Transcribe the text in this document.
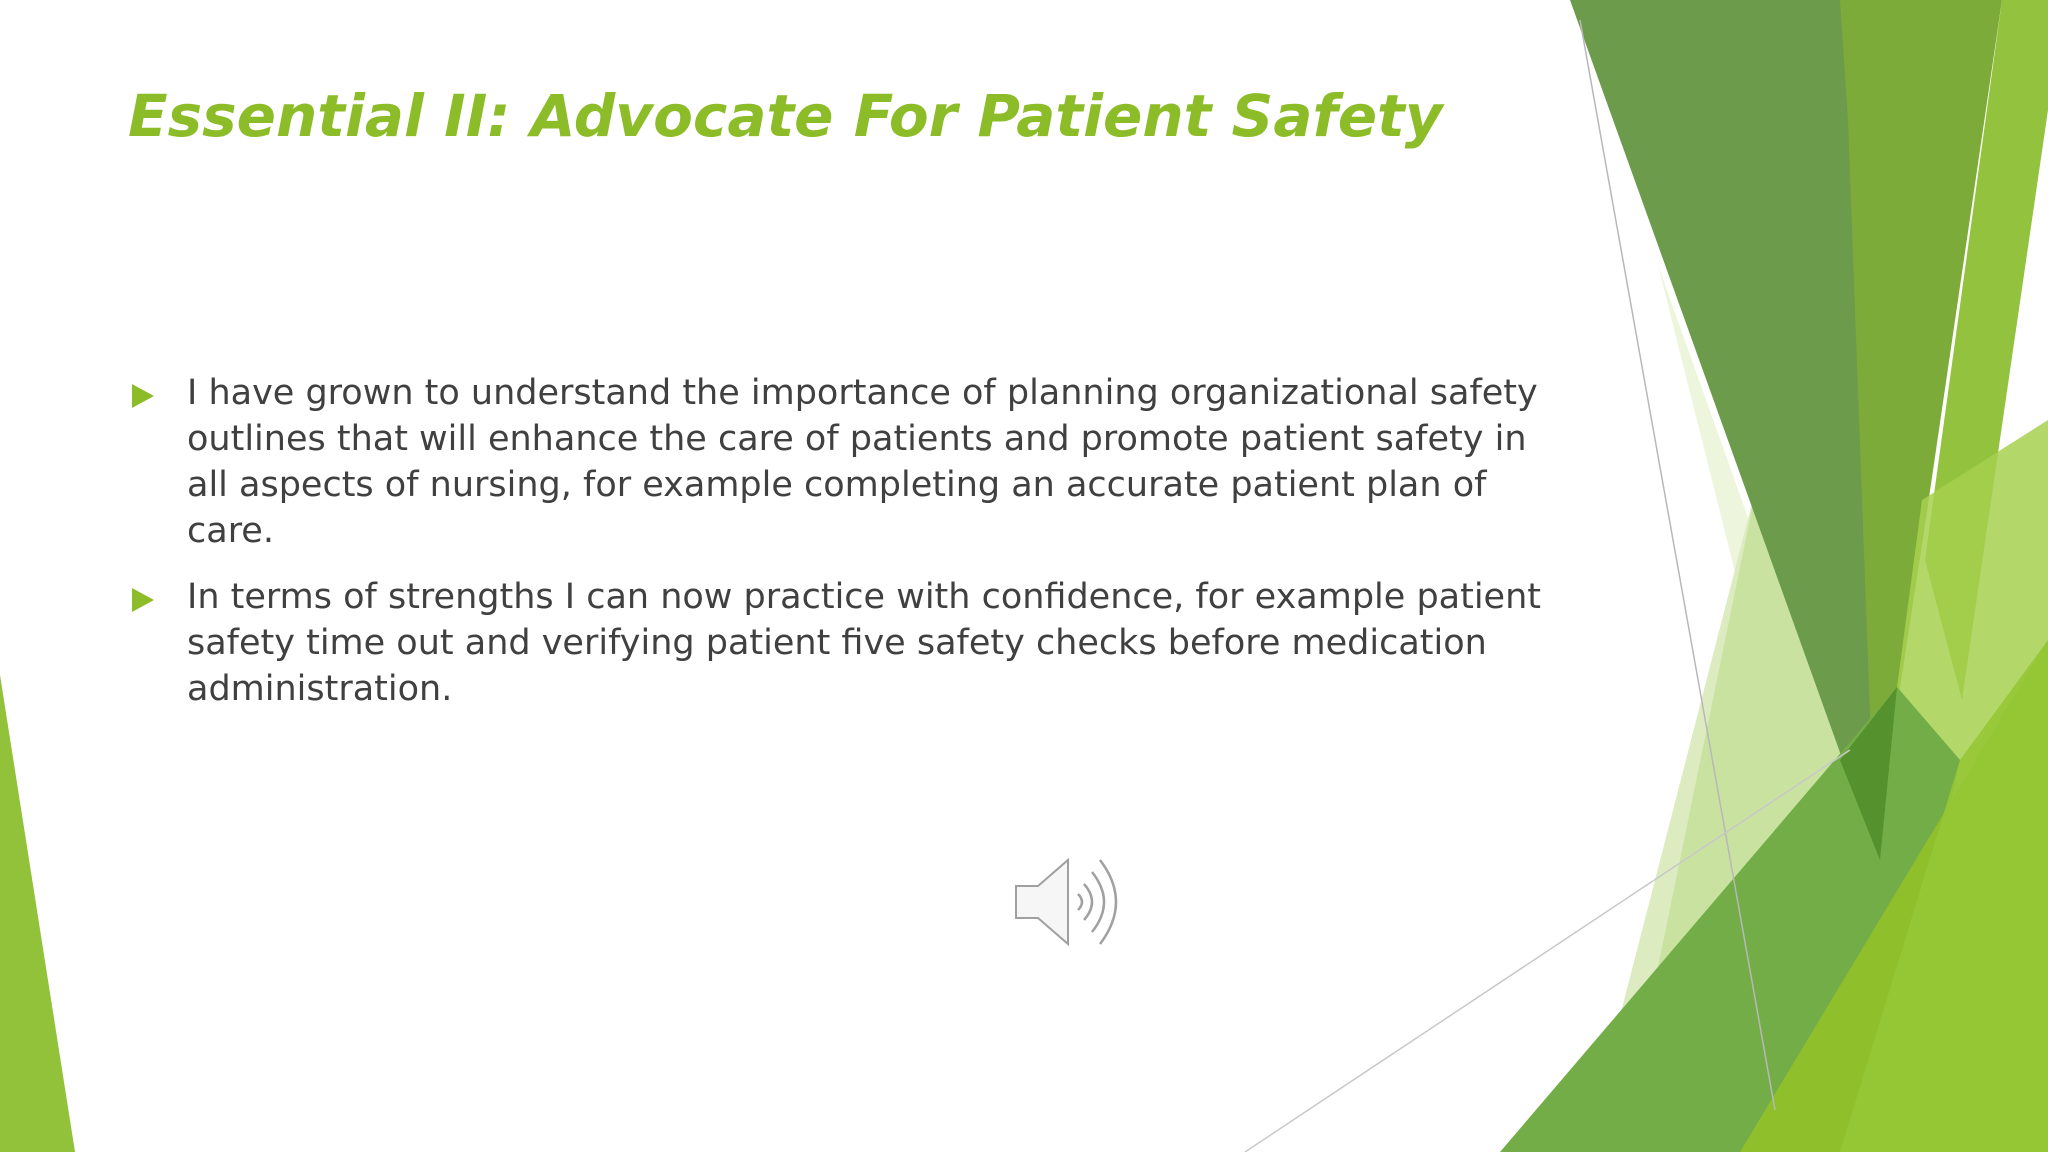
Essential II: Advocate For Patient Safety
I have grown to understand the importance of planning organizational safety outlines that will enhance the care of patients and promote patient safety in all aspects of nursing, for example completing an accurate patient plan of care.
In terms of strengths I can now practice with confidence, for example patient safety time out and verifying patient five safety checks before medication administration.
